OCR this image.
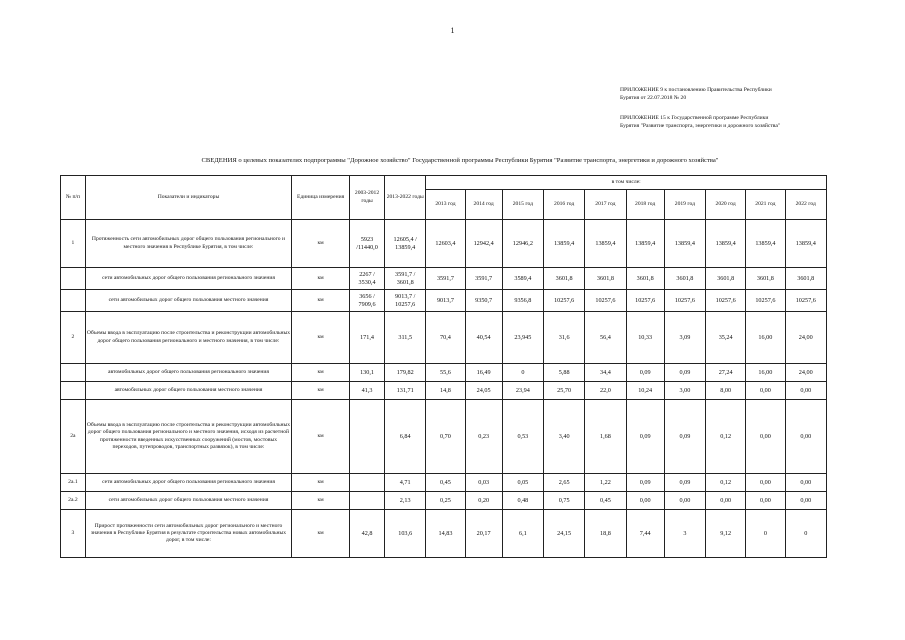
1
ПРИЛОЖЕНИЕ 9 к постановлению Правительства Республики
Бурятия от 22.07.2018 № 20
ПРИЛОЖЕНИЕ 15 к Государственной программе Республики
Бурятия "Развитие транспорта, энергетики и дорожного хозяйства"
СВЕДЕНИЯ о целевых показателях подпрограммы "Дорожное хозяйство" Государственной программы Республики Бурятия "Развитие транспорта, энергетики и дорожного хозяйства"
№ п/п	Показатели и индикаторы	Единица измерения	2003-2012 годы	2013-2022 годы	в том числе:									
					2013 год	2014 год	2015 год	2016 год	2017 год	2018 год	2019 год	2020 год	2021 год	2022 год
1	Протяженность сети автомобильных дорог общего пользования регионального и местного значения в Республике Бурятия, в том числе:	км	5923 /11440,0	12605,4 / 13859,4	12603,4	12942,4	12946,2	13859,4	13859,4	13859,4	13859,4	13859,4	13859,4	13859,4
	сети автомобильных дорог общего пользования регионального значения	км	2267 / 3530,4	3591,7 / 3601,8	3591,7	3591,7	3589,4	3601,8	3601,8	3601,8	3601,8	3601,8	3601,8	3601,8
	сети автомобильных дорог общего пользования местного значения	км	3656 / 7909,6	9013,7 / 10257,6	9013,7	9350,7	9356,8	10257,6	10257,6	10257,6	10257,6	10257,6	10257,6	10257,6
2	Объемы ввода в эксплуатацию после строительства и реконструкции автомобильных дорог общего пользования регионального и местного значения, в том числе:	км	171,4	311,5	70,4	40,54	23,945	31,6	56,4	10,33	3,09	35,24	16,00	24,00
	автомобильных дорог общего пользования регионального значения	км	130,1	179,82	55,6	16,49	0	5,88	34,4	0,09	0,09	27,24	16,00	24,00
	автомобильных дорог общего пользования местного значения	км	41,3	131,71	14,8	24,05	23,94	25,70	22,0	10,24	3,00	8,00	0,00	0,00
2а	Объемы ввода в эксплуатацию после строительства и реконструкции автомобильных дорог общего пользования регионального и местного значения, исходя из расчетной протяженности введенных искусственных сооружений (мостов, мостовых переходов, путепроводов, транспортных развязок), в том числе:	км		6,84	0,70	0,23	0,53	3,40	1,68	0,09	0,09	0,12	0,00	0,00
2а.1	сети автомобильных дорог общего пользования регионального значения	км		4,71	0,45	0,03	0,05	2,65	1,22	0,09	0,09	0,12	0,00	0,00
2а.2	сети автомобильных дорог общего пользования местного значения	км		2,13	0,25	0,20	0,48	0,75	0,45	0,00	0,00	0,00	0,00	0,00
3	Прирост протяженности сети автомобильных дорог регионального и местного значения в Республике Бурятия в результате строительства новых автомобильных дорог, в том числе:	км	42,8	103,6	14,83	20,17	6,1	24,15	18,8	7,44	3	9,12	0	0
